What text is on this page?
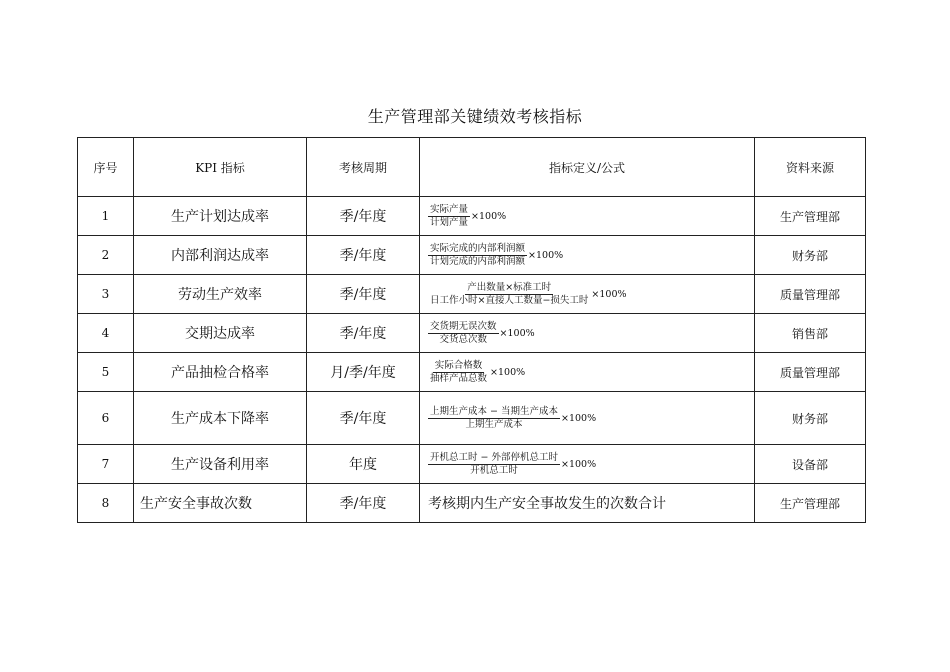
生产管理部关键绩效考核指标
序号	KPI 指标	考核周期	指标定义/公式	资料来源
1	生产计划达成率	季/年度	$\frac{\text{实际产量}}{\text{计划产量}} \times 100\%$	生产管理部
2	内部利润达成率	季/年度	$\frac{\text{实际完成的内部利润额}}{\text{计划完成的内部利润额}} \times 100\%$	财务部
3	劳动生产效率	季/年度	$\frac{\text{产出数量×标准工时}}{\text{日工作小时×直接人工数量−损失工时}} \times 100\%$	质量管理部
4	交期达成率	季/年度	$\frac{\text{交货期无误次数}}{\text{交货总次数}} \times 100\%$	销售部
5	产品抽检合格率	月/季/年度	$\frac{\text{实际合格数}}{\text{抽样产品总数}} \times 100\%$	质量管理部
6	生产成本下降率	季/年度	$\frac{\text{上期生产成本 − 当期生产成本}}{\text{上期生产成本}} \times 100\%$	财务部
7	生产设备利用率	年度	$\frac{\text{开机总工时 − 外部停机总工时}}{\text{开机总工时}} \times 100\%$	设备部
8	生产安全事故次数	季/年度	考核期内生产安全事故发生的次数合计	生产管理部
